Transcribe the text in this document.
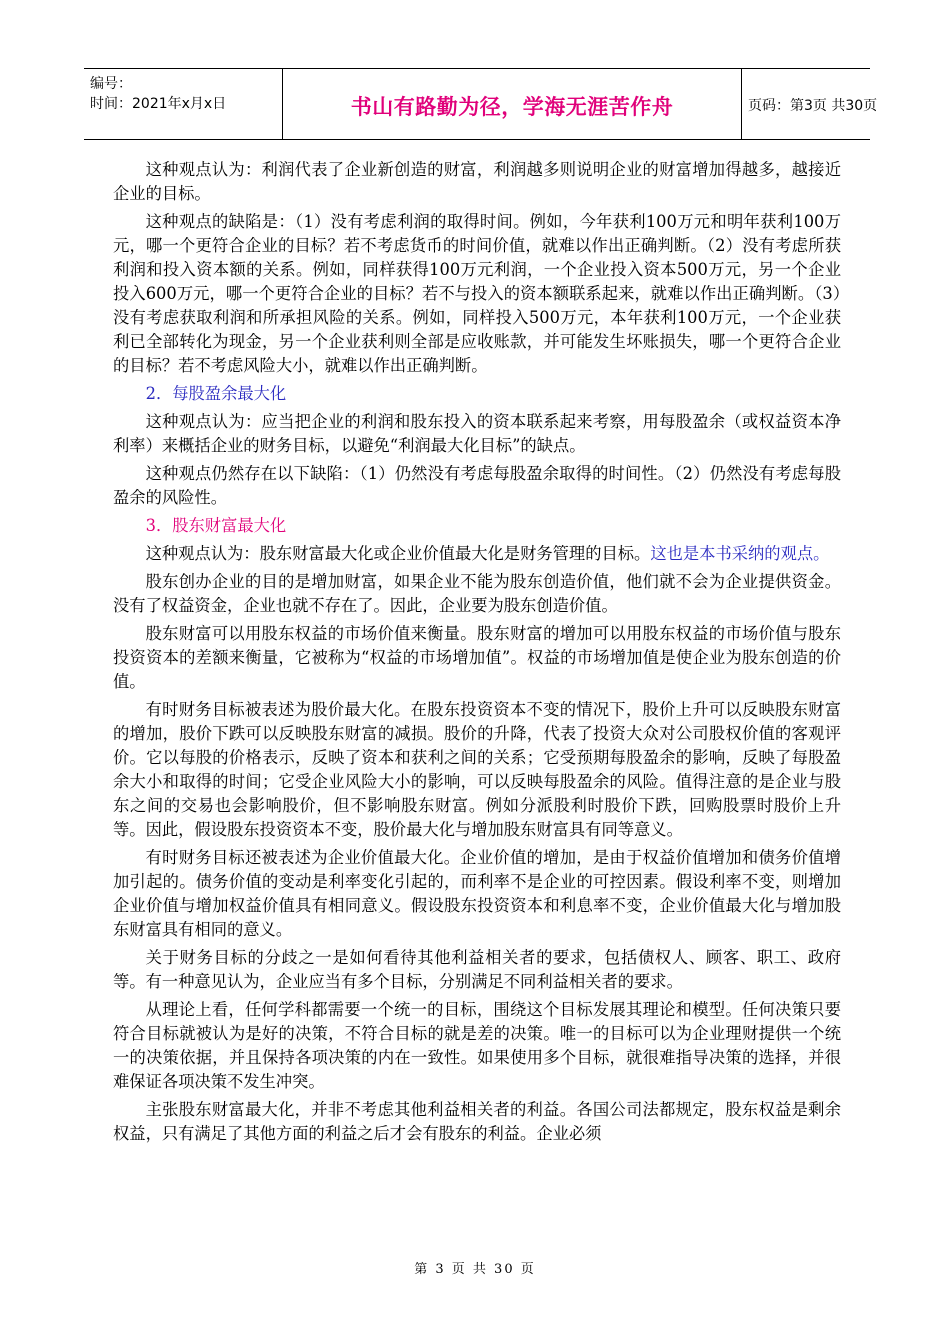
编号：
时间：2021年x月x日	书山有路勤为径，学海无涯苦作舟	页码：第3页 共30页

这种观点认为：利润代表了企业新创造的财富，利润越多则说明企业的财富增加得越多，越接近企业的目标。

这种观点的缺陷是：（1）没有考虑利润的取得时间。例如，今年获利100万元和明年获利100万元，哪一个更符合企业的目标？若不考虑货币的时间价值，就难以作出正确判断。（2）没有考虑所获利润和投入资本额的关系。例如，同样获得100万元利润，一个企业投入资本500万元，另一个企业投入600万元，哪一个更符合企业的目标？若不与投入的资本额联系起来，就难以作出正确判断。（3）没有考虑获取利润和所承担风险的关系。例如，同样投入500万元，本年获利100万元，一个企业获利已全部转化为现金，另一个企业获利则全部是应收账款，并可能发生坏账损失，哪一个更符合企业的目标？若不考虑风险大小，就难以作出正确判断。

2．每股盈余最大化

这种观点认为：应当把企业的利润和股东投入的资本联系起来考察，用每股盈余（或权益资本净利率）来概括企业的财务目标，以避免“利润最大化目标”的缺点。

这种观点仍然存在以下缺陷：（1）仍然没有考虑每股盈余取得的时间性。（2）仍然没有考虑每股盈余的风险性。

3．股东财富最大化

这种观点认为：股东财富最大化或企业价值最大化是财务管理的目标。这也是本书采纳的观点。

股东创办企业的目的是增加财富，如果企业不能为股东创造价值，他们就不会为企业提供资金。没有了权益资金，企业也就不存在了。因此，企业要为股东创造价值。

股东财富可以用股东权益的市场价值来衡量。股东财富的增加可以用股东权益的市场价值与股东投资资本的差额来衡量，它被称为“权益的市场增加值”。权益的市场增加值是使企业为股东创造的价值。

有时财务目标被表述为股价最大化。在股东投资资本不变的情况下，股价上升可以反映股东财富的增加，股价下跌可以反映股东财富的减损。股价的升降，代表了投资大众对公司股权价值的客观评价。它以每股的价格表示，反映了资本和获利之间的关系；它受预期每股盈余的影响，反映了每股盈余大小和取得的时间；它受企业风险大小的影响，可以反映每股盈余的风险。值得注意的是企业与股东之间的交易也会影响股价，但不影响股东财富。例如分派股利时股价下跌，回购股票时股价上升等。因此，假设股东投资资本不变，股价最大化与增加股东财富具有同等意义。

有时财务目标还被表述为企业价值最大化。企业价值的增加，是由于权益价值增加和债务价值增加引起的。债务价值的变动是利率变化引起的，而利率不是企业的可控因素。假设利率不变，则增加企业价值与增加权益价值具有相同意义。假设股东投资资本和利息率不变，企业价值最大化与增加股东财富具有相同的意义。

关于财务目标的分歧之一是如何看待其他利益相关者的要求，包括债权人、顾客、职工、政府等。有一种意见认为，企业应当有多个目标，分别满足不同利益相关者的要求。

从理论上看，任何学科都需要一个统一的目标，围绕这个目标发展其理论和模型。任何决策只要符合目标就被认为是好的决策，不符合目标的就是差的决策。唯一的目标可以为企业理财提供一个统一的决策依据，并且保持各项决策的内在一致性。如果使用多个目标，就很难指导决策的选择，并很难保证各项决策不发生冲突。

主张股东财富最大化，并非不考虑其他利益相关者的利益。各国公司法都规定，股东权益是剩余权益，只有满足了其他方面的利益之后才会有股东的利益。企业必须

第 3 页 共 30 页
